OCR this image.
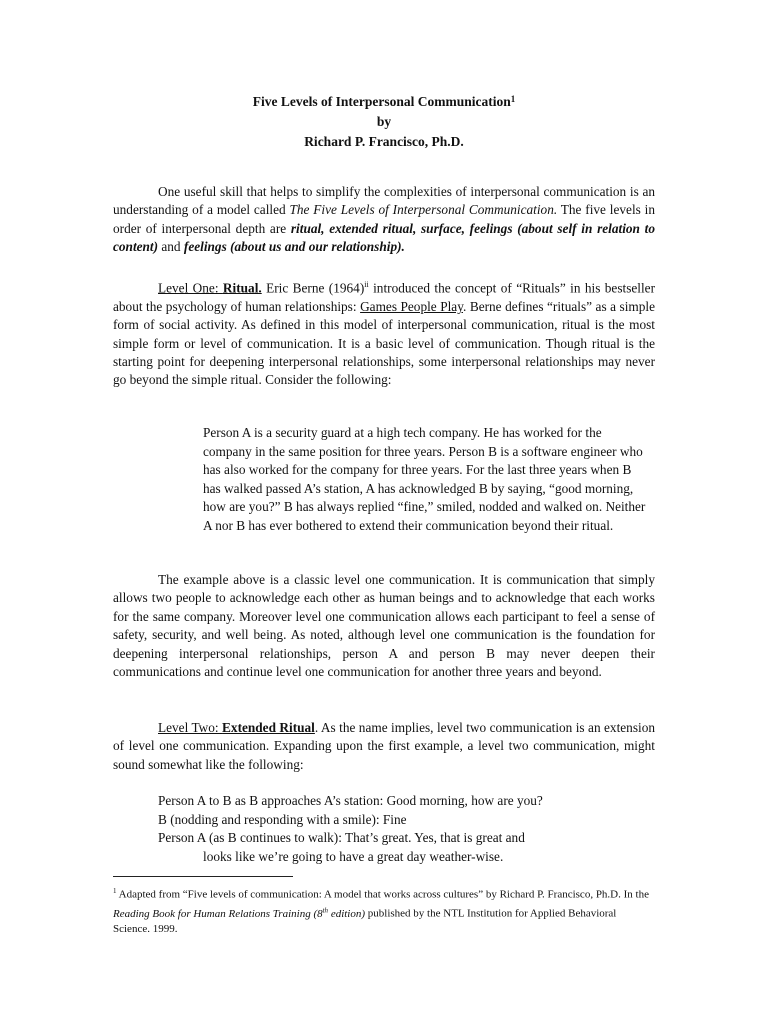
Five Levels of Interpersonal Communication$^1$
by
Richard P. Francisco, Ph.D.

One useful skill that helps to simplify the complexities of interpersonal communication is an understanding of a model called The Five Levels of Interpersonal Communication. The five levels in order of interpersonal depth are ritual, extended ritual, surface, feelings (about self in relation to content) and feelings (about us and our relationship).

Level One: Ritual. Eric Berne $(1964)^{ii}$ introduced the concept of “Rituals” in his bestseller about the psychology of human relationships: Games People Play. Berne defines “rituals” as a simple form of social activity. As defined in this model of interpersonal communication, ritual is the most simple form or level of communication. It is a basic level of communication. Though ritual is the starting point for deepening interpersonal relationships, some interpersonal relationships may never go beyond the simple ritual. Consider the following:

Person A is a security guard at a high tech company. He has worked for the company in the same position for three years. Person B is a software engineer who has also worked for the company for three years. For the last three years when B has walked passed A’s station, A has acknowledged B by saying, “good morning, how are you?” B has always replied “fine,” smiled, nodded and walked on. Neither A nor B has ever bothered to extend their communication beyond their ritual.

The example above is a classic level one communication. It is communication that simply allows two people to acknowledge each other as human beings and to acknowledge that each works for the same company. Moreover level one communication allows each participant to feel a sense of safety, security, and well being. As noted, although level one communication is the foundation for deepening interpersonal relationships, person A and person B may never deepen their communications and continue level one communication for another three years and beyond.

Level Two: Extended Ritual. As the name implies, level two communication is an extension of level one communication. Expanding upon the first example, a level two communication, might sound somewhat like the following:

Person A to B as B approaches A’s station: Good morning, how are you?

B (nodding and responding with a smile): Fine

Person A (as B continues to walk): That’s great. Yes, that is great and

looks like we’re going to have a great day weather-wise.

$^1$ Adapted from “Five levels of communication: A model that works across cultures” by Richard P. Francisco, Ph.D. In the Reading Book for Human Relations Training (8th edition) published by the NTL Institution for Applied Behavioral Science. 1999.
